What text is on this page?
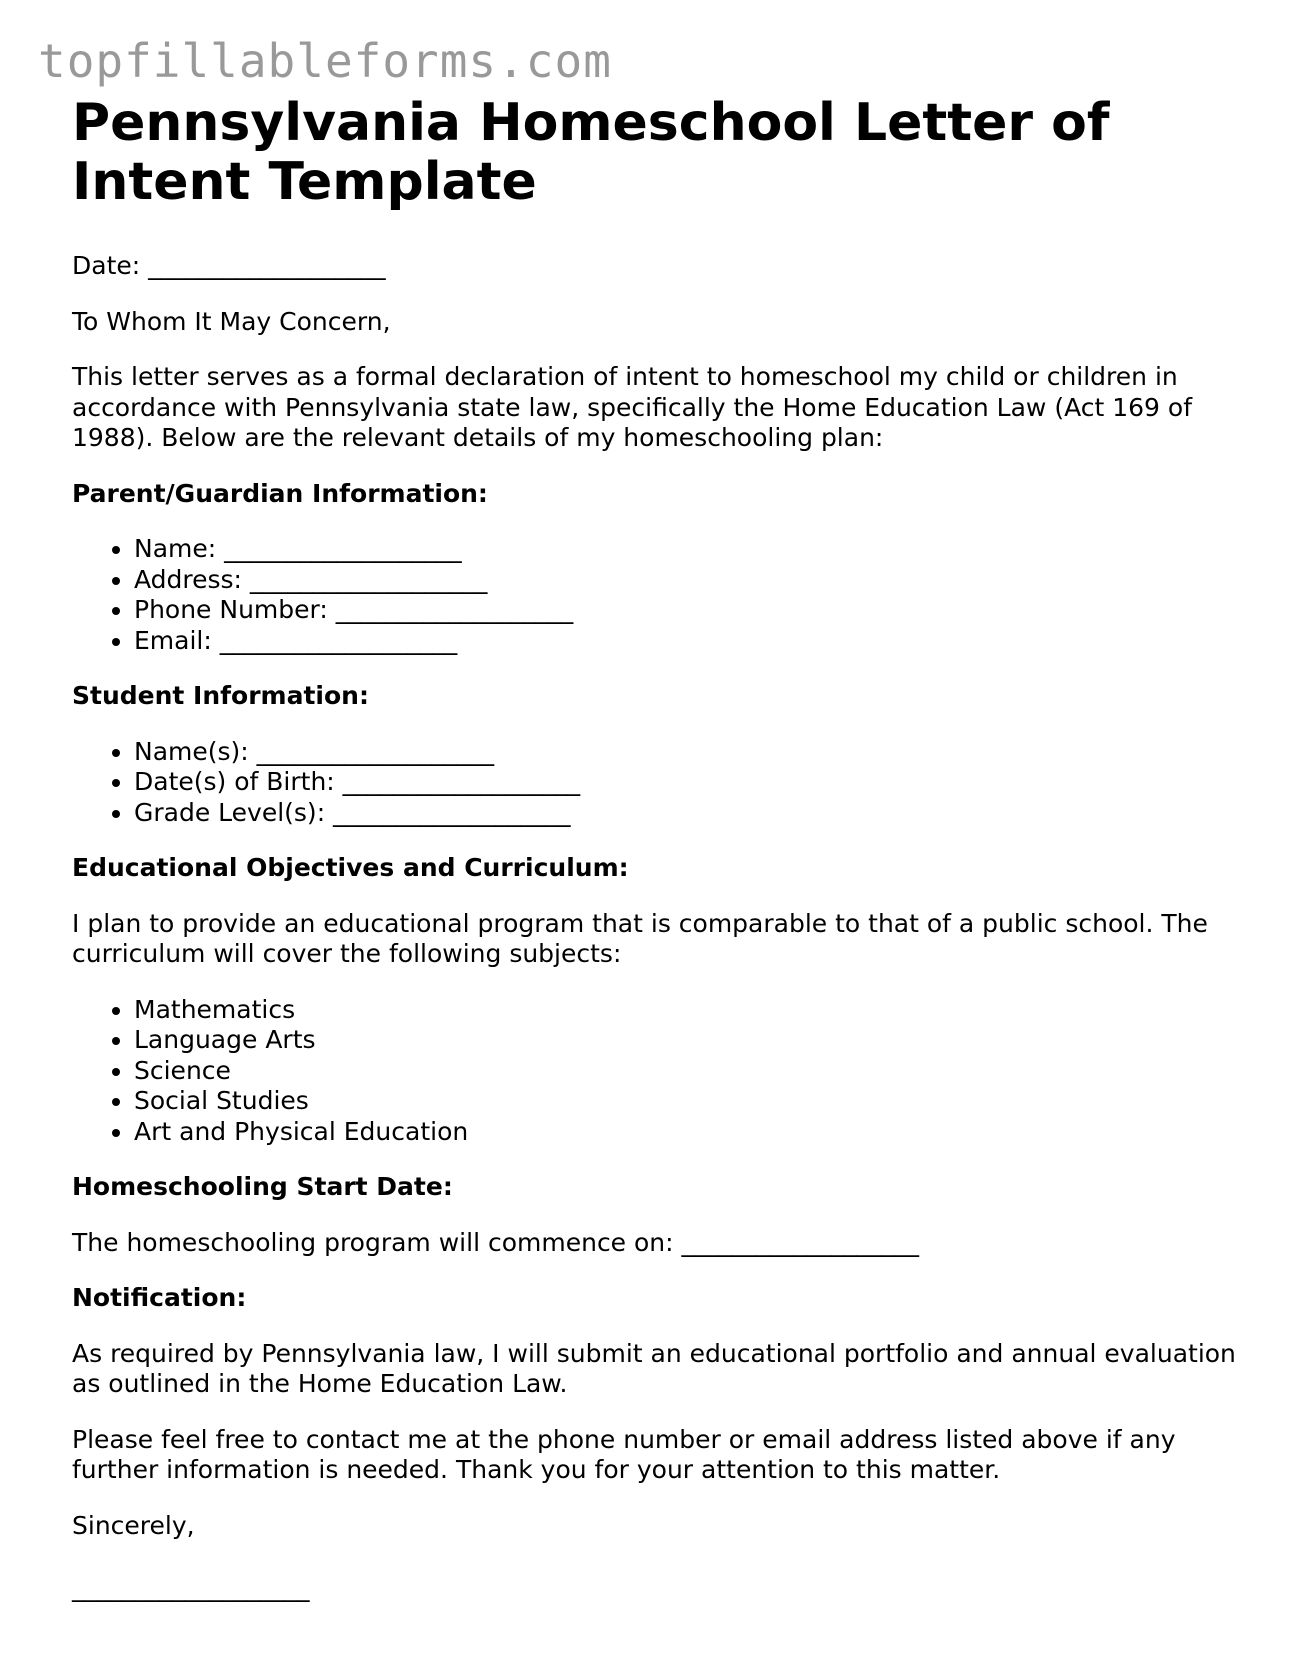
topfillableforms.com
Pennsylvania Homeschool Letter of Intent Template

Date: ___________________

To Whom It May Concern,

This letter serves as a formal declaration of intent to homeschool my child or children in accordance with Pennsylvania state law, specifically the Home Education Law (Act 169 of 1988). Below are the relevant details of my homeschooling plan:

Parent/Guardian Information:

• Name: ___________________
• Address: ___________________
• Phone Number: ___________________
• Email: ___________________

Student Information:

• Name(s): ___________________
• Date(s) of Birth: ___________________
• Grade Level(s): ___________________

Educational Objectives and Curriculum:

I plan to provide an educational program that is comparable to that of a public school. The curriculum will cover the following subjects:

• Mathematics
• Language Arts
• Science
• Social Studies
• Art and Physical Education

Homeschooling Start Date:

The homeschooling program will commence on: ___________________

Notification:

As required by Pennsylvania law, I will submit an educational portfolio and annual evaluation as outlined in the Home Education Law.

Please feel free to contact me at the phone number or email address listed above if any further information is needed. Thank you for your attention to this matter.

Sincerely,

___________________
